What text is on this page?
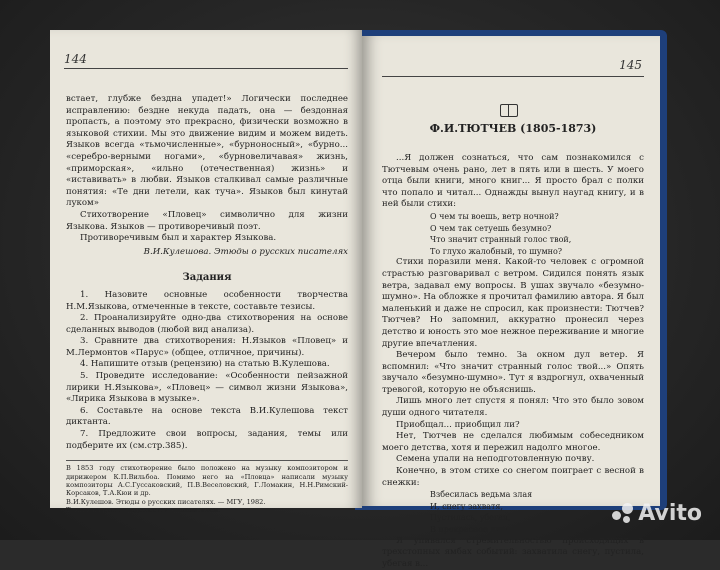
144

встает, глубже бездна упадет!» Логически последнее исправлению: бездне некуда падать, она — бездонная пропасть, а поэтому это прекрасно, физически возможно в языковой стихии. Мы это движение видим и можем видеть. Языков всегда «тьмочисленные», «бурноносный», «бурно... «серебро-верными ногами», «бурновеличавая» жизнь, «приморская», «ильно (отечественная) жизнь» и «иставивать» в любви. Языков сталкивал самые различные понятия: «Те дни летели, как туча». Языков был кинутай луком»

Стихотворение «Пловец» символично для жизни Языкова. Языков — противоречивый поэт.

Противоречивым был и характер Языкова.

В.И.Кулешова. Этюды о русских писателях

Задания

1. Назовите основные особенности творчества Н.М.Языкова, отмеченные в тексте, составьте тезисы.

2. Проанализируйте одно-два стихотворения на основе сделанных выводов (любой вид анализа).

3. Сравните два стихотворения: Н.Языков «Пловец» и М.Лермонтов «Парус» (общее, отличное, причины).

4. Напишите отзыв (рецензию) на статью В.Кулешова.

5. Проведите исследование: «Особенности пейзажной лирики Н.Языкова», «Пловец» — символ жизни Языкова», «Лирика Языкова в музыке».

6. Составьте на основе текста В.И.Кулешова текст диктанта.

7. Предложите свои вопросы, задания, темы или подберите их (см.стр.385).

В 1853 году стихотворение было положено на музыку композитором и дирижером К.П.Вильбоа. Помимо него на «Пловца» написали музыку композиторы А.С.Гуссаковский, П.В.Веселовский, Г.Ломакин, Н.Н.Римский-Корсаков, Т.А.Кюи и др.

В.И.Кулешов. Этюды о русских писателях. — МГУ, 1982.

Темы в классе определяются составителем.

145
Ф.И.ТЮТЧЕВ (1805-1873)

...Я должен сознаться, что сам познакомился с Тютчевым очень рано, лет в пять или в шесть. У моего отца были книги, много книг... Я просто брал с полки что попало и читал... Однажды вынул наугад книгу, и в ней были стихи:

О чем ты воешь, ветр ночной?

О чем так сетуешь безумно?

Что значит странный голос твой,

То глухо жалобный, то шумно?

Стихи поразили меня. Какой-то человек с огромной страстью разговаривал с ветром. Сидился понять язык ветра, задавал ему вопросы. В ушах звучало «безумно-шумно». На обложке я прочитал фамилию автора. Я был маленький и даже не спросил, как произнести: Тютчев? Тютчев? Но запомнил, аккуратно пронесил через детство и юность это мое нежное переживание и многие другие впечатления.

Вечером было темно. За окном дул ветер. Я вспомнил: «Что значит странный голос твой...» Опять звучало «безумно-шумно». Тут я вздрогнул, охваченный тревогой, которую не объяснишь.

Лишь много лет спустя я понял: Что это было зовом души одного читателя.

Приобщал... приобщил ли?

Нет, Тютчев не сделался любимым собеседником моего детства, хотя и пережил надолго многое.

Семена упали на неподготовленную почву.

Конечно, в этом стихе со снегом поиграет с весной в снежки:

Взбесилась ведьма злая

И, снегу захватя,

Пустилась, убегая,

В прекрасное дитя.

Я упивался стремительностью происходящих в трехстопных ямбах событий: захватила снегу, пустила, убегая в...

Avito
